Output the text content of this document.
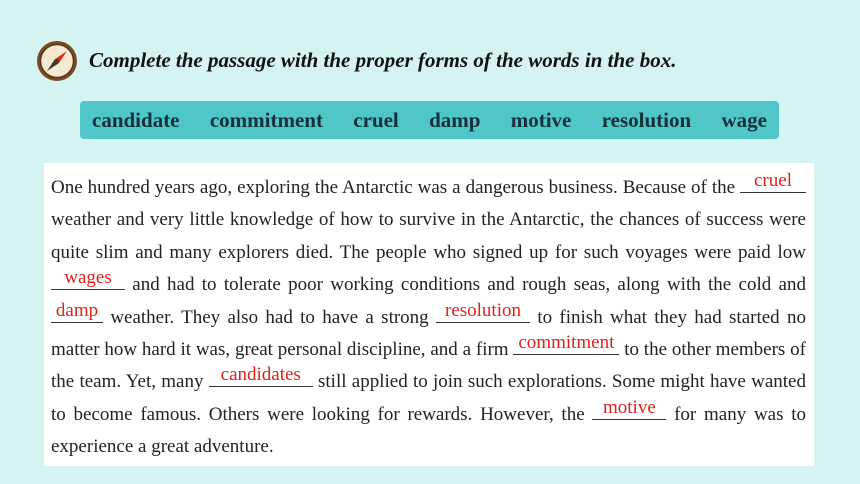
Complete the passage with the proper forms of the words in the box.
candidate commitment cruel damp motive resolution wage

One hundred years ago, exploring the Antarctic was a dangerous business. Because of the cruel
weather and very little knowledge of how to survive in the Antarctic, the chances of success were quite slim and many explorers died. The people who signed up for such voyages were paid low
wages and had to tolerate poor working conditions and rough seas, along with the cold and
damp weather. They also had to have a strong resolution to finish what they had started no matter how hard it was, great personal discipline, and a firm commitment to the other members of the team. Yet, many candidates still applied to join such explorations. Some might have wanted to become famous. Others were looking for rewards. However, the motive for many was to experience a great adventure.
